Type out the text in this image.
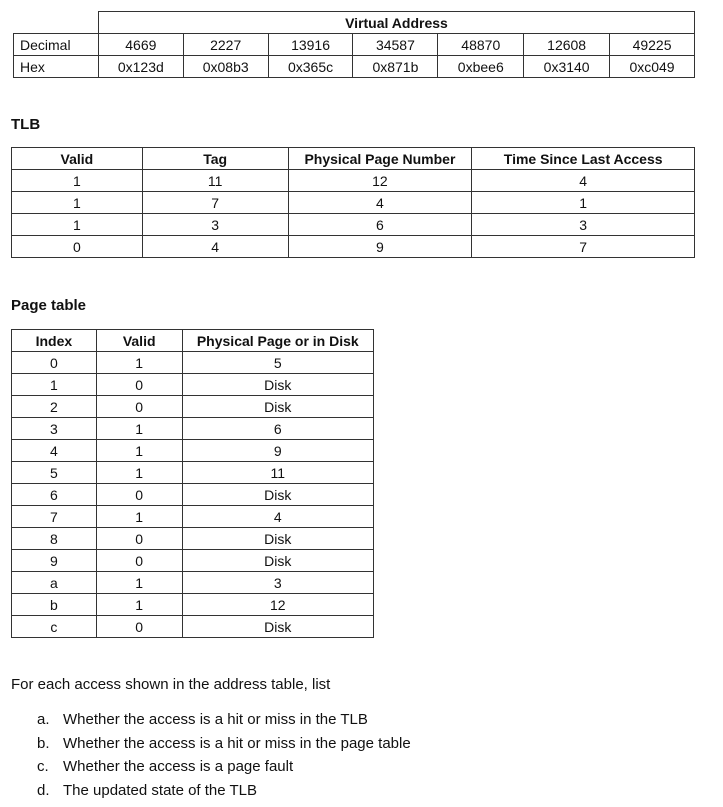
	Virtual Address						
Decimal	4669	2227	13916	34587	48870	12608	49225
Hex	0x123d	0x08b3	0x365c	0x871b	0xbee6	0x3140	0xc049
TLB
Valid	Tag	Physical Page Number	Time Since Last Access
1	11	12	4
1	7	4	1
1	3	6	3
0	4	9	7
Page table
Index	Valid	Physical Page or in Disk
0	1	5
1	0	Disk
2	0	Disk
3	1	6
4	1	9
5	1	11
6	0	Disk
7	1	4
8	0	Disk
9	0	Disk
a	1	3
b	1	12
c	0	Disk
For each access shown in the address table, list
a. Whether the access is a hit or miss in the TLB
b. Whether the access is a hit or miss in the page table
c. Whether the access is a page fault
d. The updated state of the TLB
